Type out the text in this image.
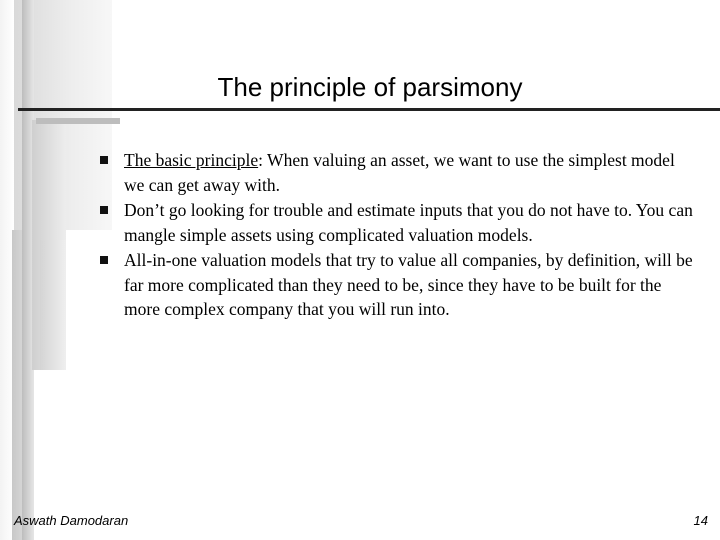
The principle of parsimony
The basic principle: When valuing an asset, we want to use the simplest model we can get away with.
Don’t go looking for trouble and estimate inputs that you do not have to. You can mangle simple assets using complicated valuation models.
All-in-one valuation models that try to value all companies, by definition, will be far more complicated than they need to be, since they have to be built for the more complex company that you will run into.
Aswath Damodaran	14
